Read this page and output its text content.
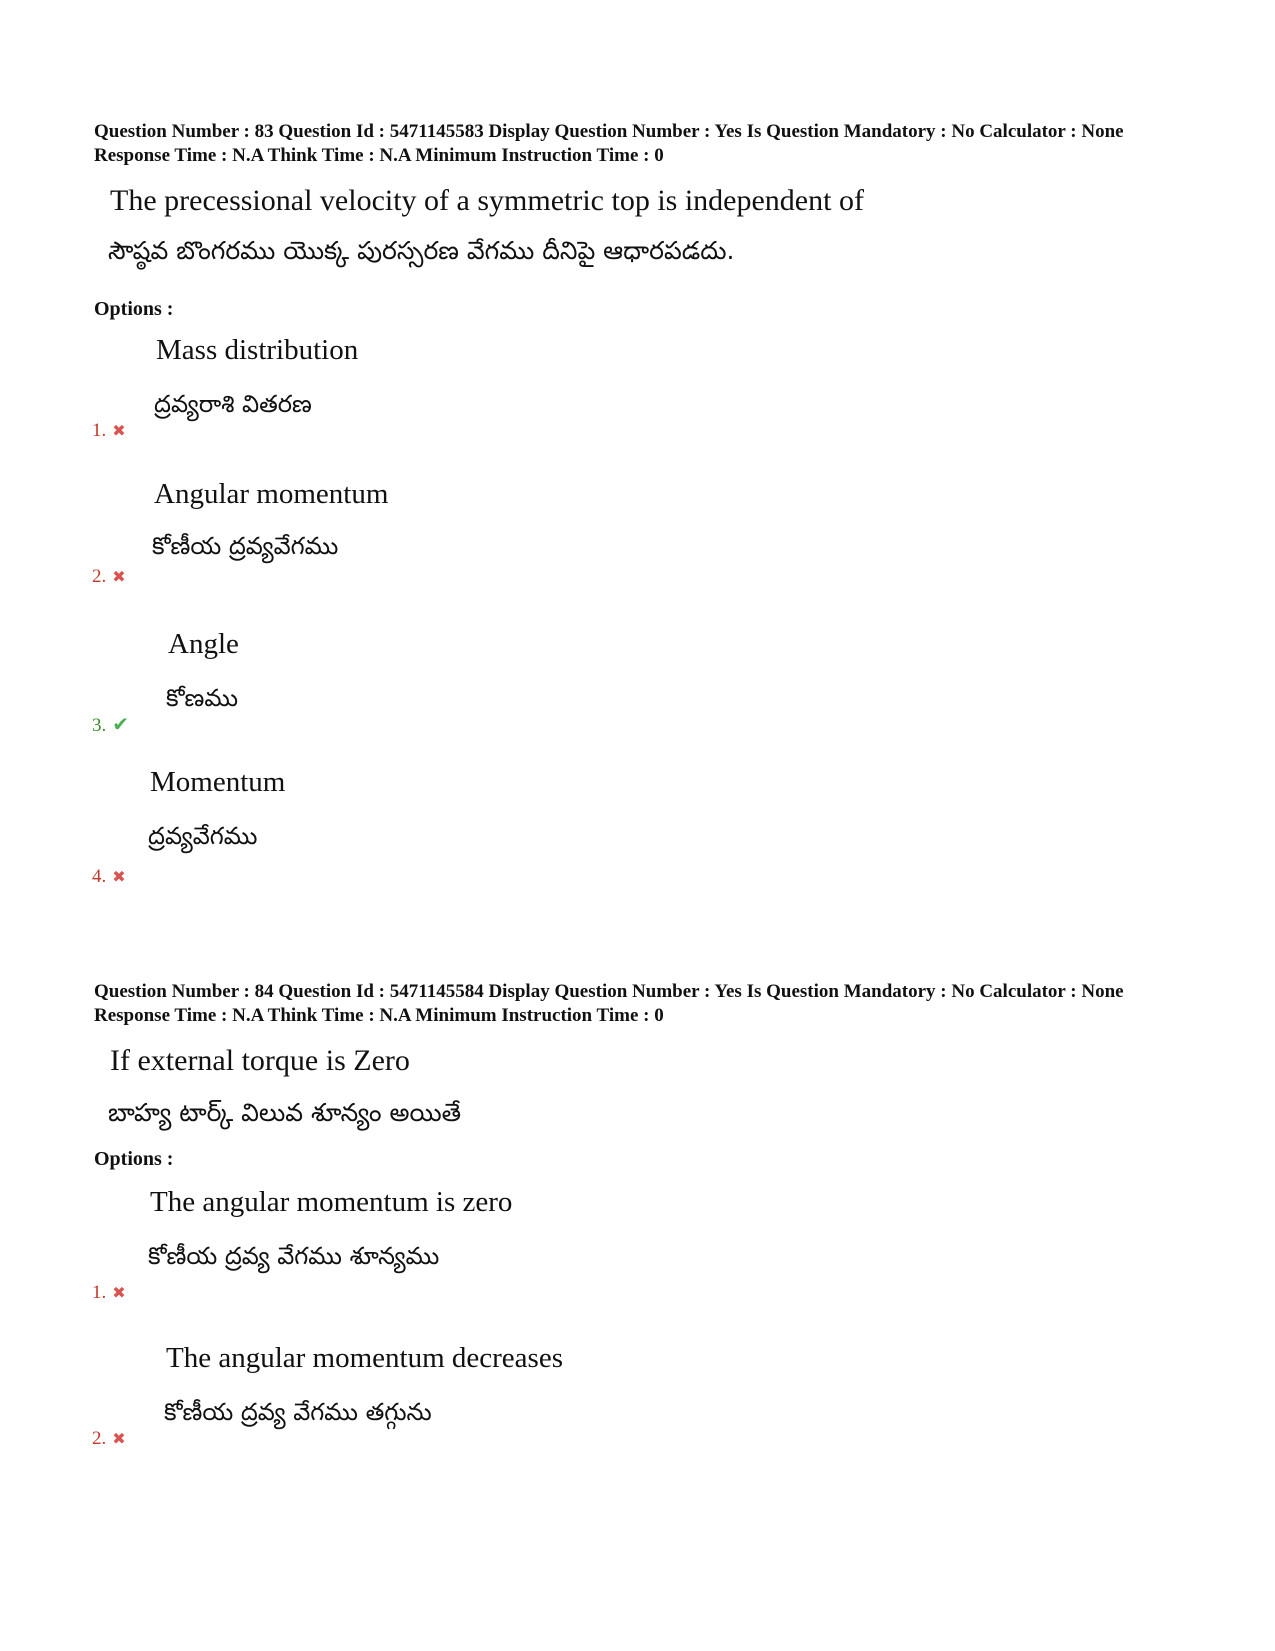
Question Number : 83 Question Id : 5471145583 Display Question Number : Yes Is Question Mandatory : No Calculator : None Response Time : N.A Think Time : N.A Minimum Instruction Time : 0
The precessional velocity of a symmetric top is independent of
సౌష్ఠవ బొంగరము యొక్క పురస్సరణ వేగము దీనిపై ఆధారపడదు.
Options :
Mass distribution
ద్రవ్యరాశి వితరణ
1. ✖
Angular momentum
కోణీయ ద్రవ్యవేగము
2. ✖
Angle
కోణము
3. ✔
Momentum
ద్రవ్యవేగము
4. ✖
Question Number : 84 Question Id : 5471145584 Display Question Number : Yes Is Question Mandatory : No Calculator : None Response Time : N.A Think Time : N.A Minimum Instruction Time : 0
If external torque is Zero
బాహ్య టార్క్ విలువ శూన్యం అయితే
Options :
The angular momentum is zero
కోణీయ ద్రవ్య వేగము శూన్యము
1. ✖
The angular momentum decreases
కోణీయ ద్రవ్య వేగము తగ్గును
2. ✖
